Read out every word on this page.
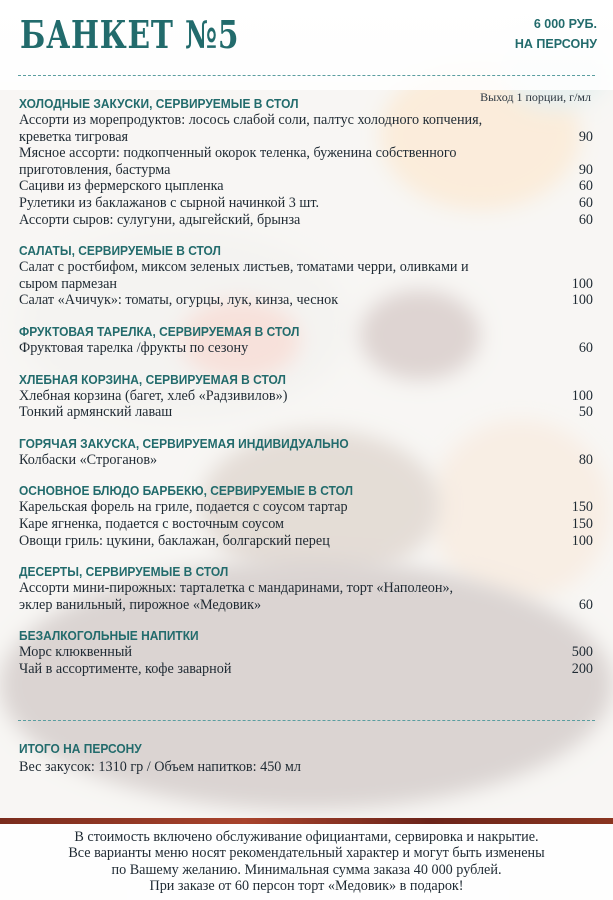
БАНКЕТ №5	6 000 РУБ.
НА ПЕРСОНУ
Выход 1 порции, г/мл
ХОЛОДНЫЕ ЗАКУСКИ, СЕРВИРУЕМЫЕ В СТОЛ
Ассорти из морепродуктов: лосось слабой соли, палтус холодного копчения, креветка тигровая	90
Мясное ассорти: подкопченный окорок теленка, буженина собственного приготовления, бастурма	90
Сациви из фермерского цыпленка	60
Рулетики из баклажанов с сырной начинкой 3 шт.	60
Ассорти сыров: сулугуни, адыгейский, брынза	60
САЛАТЫ, СЕРВИРУЕМЫЕ В СТОЛ
Салат с ростбифом, миксом зеленых листьев, томатами черри, оливками и сыром пармезан	100
Салат «Ачичук»: томаты, огурцы, лук, кинза, чеснок	100
ФРУКТОВАЯ ТАРЕЛКА, СЕРВИРУЕМАЯ В СТОЛ
Фруктовая тарелка /фрукты по сезону	60
ХЛЕБНАЯ КОРЗИНА, СЕРВИРУЕМАЯ В СТОЛ
Хлебная корзина (багет, хлеб «Радзивилов»)	100
Тонкий армянский лаваш	50
ГОРЯЧАЯ ЗАКУСКА, СЕРВИРУЕМАЯ ИНДИВИДУАЛЬНО
Колбаски «Строганов»	80
ОСНОВНОЕ БЛЮДО БАРБЕКЮ, СЕРВИРУЕМЫЕ В СТОЛ
Карельская форель на гриле, подается с соусом тартар	150
Каре ягненка, подается с восточным соусом	150
Овощи гриль: цукини, баклажан, болгарский перец	100
ДЕСЕРТЫ, СЕРВИРУЕМЫЕ В СТОЛ
Ассорти мини-пирожных: тарталетка с мандаринами, торт «Наполеон», эклер ванильный, пирожное «Медовик»	60
БЕЗАЛКОГОЛЬНЫЕ НАПИТКИ
Морс клюквенный	500
Чай в ассортименте, кофе заварной	200
ИТОГО НА ПЕРСОНУ
Вес закусок: 1310 гр / Объем напитков: 450 мл
В стоимость включено обслуживание официантами, сервировка и накрытие.
Все варианты меню носят рекомендательный характер и могут быть изменены
по Вашему желанию. Минимальная сумма заказа 40 000 рублей.
При заказе от 60 персон торт «Медовик» в подарок!
